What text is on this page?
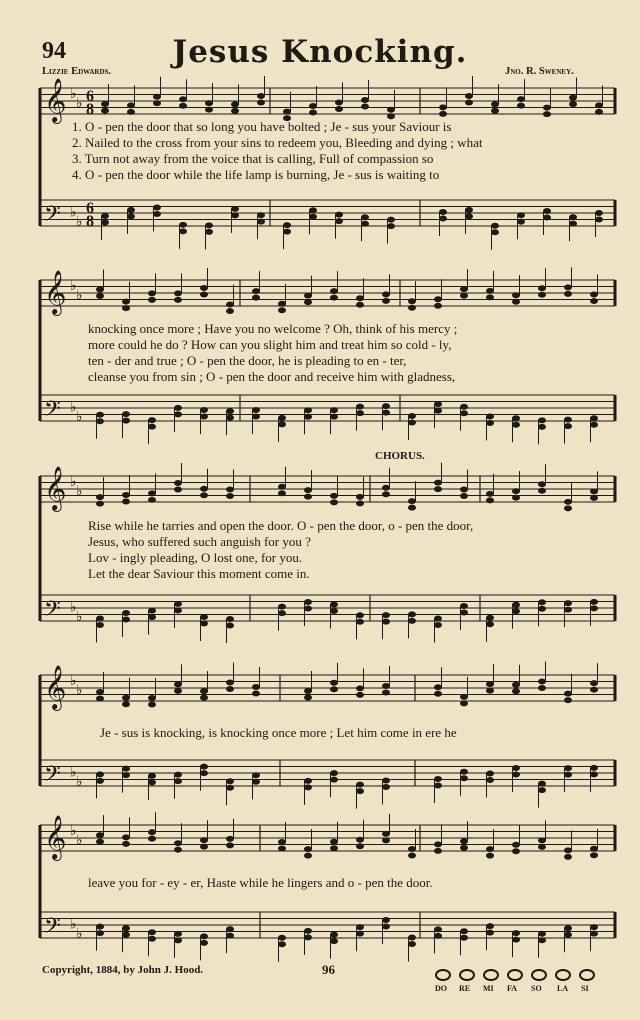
𝄞 ♭
♭ 6
8
𝄢 ♭
♭
6
8
𝄞 ♭
♭
𝄢 ♭
♭
𝄞 ♭
♭
𝄢 ♭
♭
𝄞 ♭
♭
𝄢 ♭
♭
𝄞 ♭
♭
𝄢 ♭
♭
94	Jesus Knocking.
Lizzie Edwards.	Jno. R. Sweney.
1. O - pen the door that so long you have bolted ; Je - sus your Saviour is
2. Nailed to the cross from your sins to redeem you, Bleeding and dying ; what
3. Turn not away from the voice that is calling, Full of compassion so
4. O - pen the door while the life lamp is burning, Je - sus is waiting to
knocking once more ; Have you no welcome ? Oh, think of his mercy ;
more could he do ? How can you slight him and treat him so cold - ly,
ten - der and true ; O - pen the door, he is pleading to en - ter,
cleanse you from sin ; O - pen the door and receive him with gladness,
CHORUS.
Rise while he tarries and open the door. O - pen the door, o - pen the door,
Jesus, who suffered such anguish for you ?
Lov - ingly pleading, O lost one, for you.
Let the dear Saviour this moment come in.
Je - sus is knocking, is knocking once more ; Let him come in ere he
leave you for - ey - er, Haste while he lingers and o - pen the door.
Copyright, 1884, by John J. Hood.	96
DO RE MI FA SO LA SI
